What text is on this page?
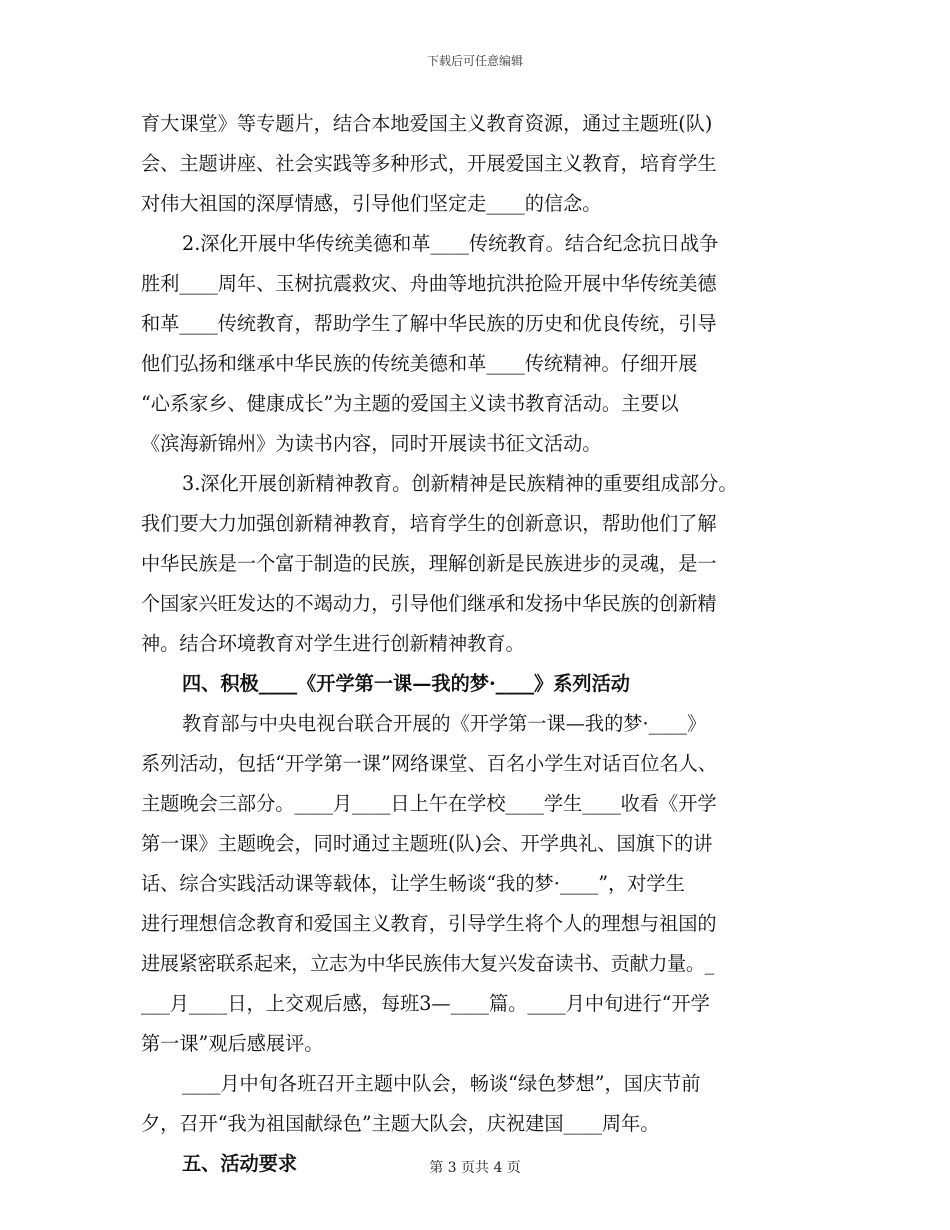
下载后可任意编辑
育大课堂》等专题片，结合本地爱国主义教育资源，通过主题班(队)
会、主题讲座、社会实践等多种形式，开展爱国主义教育，培育学生
对伟大祖国的深厚情感，引导他们坚定走____的信念。
2.深化开展中华传统美德和革____传统教育。结合纪念抗日战争
胜利____周年、玉树抗震救灾、舟曲等地抗洪抢险开展中华传统美德
和革____传统教育，帮助学生了解中华民族的历史和优良传统，引导
他们弘扬和继承中华民族的传统美德和革____传统精神。仔细开展
“心系家乡、健康成长”为主题的爱国主义读书教育活动。主要以
《滨海新锦州》为读书内容，同时开展读书征文活动。
3.深化开展创新精神教育。创新精神是民族精神的重要组成部分。
我们要大力加强创新精神教育，培育学生的创新意识，帮助他们了解
中华民族是一个富于制造的民族，理解创新是民族进步的灵魂，是一
个国家兴旺发达的不竭动力，引导他们继承和发扬中华民族的创新精
神。结合环境教育对学生进行创新精神教育。
四、积极____《开学第一课—我的梦·____》系列活动
教育部与中央电视台联合开展的《开学第一课—我的梦·____》
系列活动，包括“开学第一课”网络课堂、百名小学生对话百位名人、
主题晚会三部分。____月____日上午在学校____学生____收看《开学
第一课》主题晚会，同时通过主题班(队)会、开学典礼、国旗下的讲
话、综合实践活动课等载体，让学生畅谈“我的梦·____”，对学生
进行理想信念教育和爱国主义教育，引导学生将个人的理想与祖国的
进展紧密联系起来，立志为中华民族伟大复兴发奋读书、贡献力量。_
___月____日，上交观后感，每班3—____篇。____月中旬进行“开学
第一课”观后感展评。
____月中旬各班召开主题中队会，畅谈“绿色梦想”，国庆节前
夕，召开“我为祖国献绿色”主题大队会，庆祝建国____周年。
五、活动要求	第 3 页共 4 页
